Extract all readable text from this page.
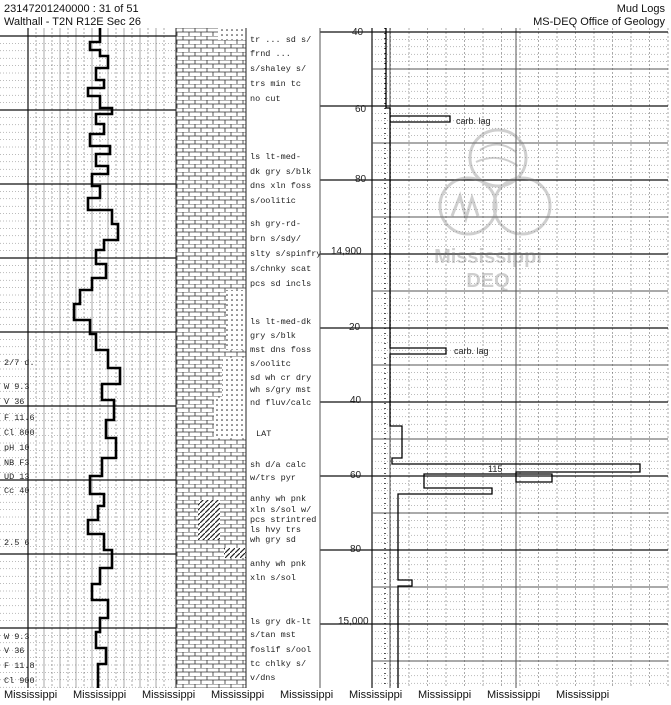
23147201240000 : 31 of 51
Walthall - T2N R12E Sec 26
Mud Logs
MS-DEQ Office of Geology
40
60
80
14,900
20
40
60
80
15,000
carb. lag
carb. lag
115
tr ... sd s/
frnd ...
s/shaley s/
trs min tc
no cut
ls lt-med-
dk gry s/blk
dns xln foss
s/oolitic
sh gry-rd-
brn s/sdy/
slty s/spinfry
s/chnky scat
pcs sd incls
ls lt-med-dk
gry s/blk
mst dns foss
s/oolitc
sd wh cr dry
wh s/gry mst
nd fluv/calc
LAT
sh d/a calc
w/trs pyr
anhy wh pnk
xln s/sol w/
pcs strintred
ls hvy trs
wh gry sd
anhy wh pnk
xln s/sol
ls gry dk-lt
s/tan mst
foslif s/ool
tc chlky s/
v/dns
2/7 d.
W 9.3
V 36
F 11.6
Cl 800
pH 10
NB F3
UD 13
Cc 40
2.5 6
W 9.3
V 36
F 11.8
Cl 900
Mississippi
DEQ
Mississippi Mississippi Mississippi Mississippi Mississippi Mississippi Mississippi Mississippi Mississippi
